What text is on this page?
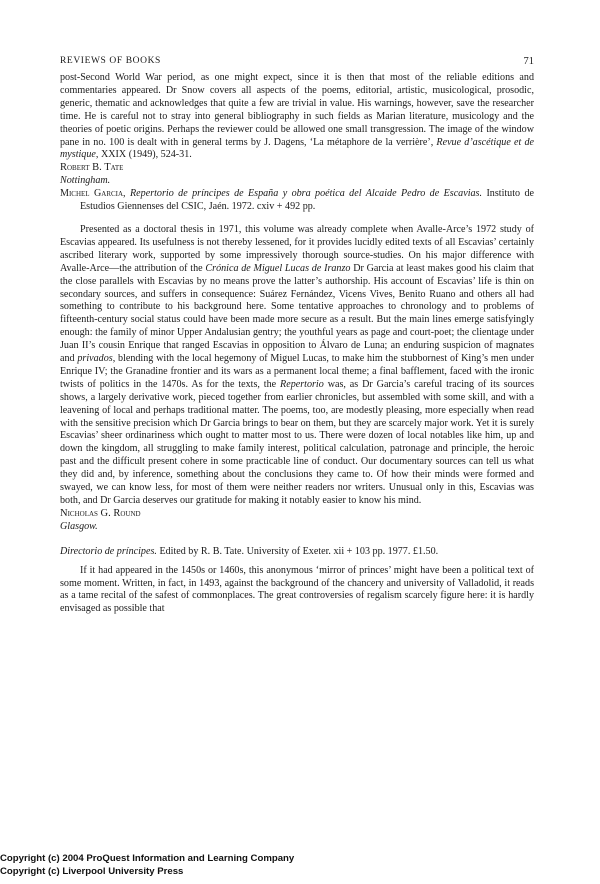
REVIEWS OF BOOKS	71

post-Second World War period, as one might expect, since it is then that most of the reliable editions and commentaries appeared. Dr Snow covers all aspects of the poems, editorial, artistic, musicological, prosodic, generic, thematic and acknowledges that quite a few are trivial in value. His warnings, however, save the researcher time. He is careful not to stray into general bibliography in such fields as Marian literature, musicology and the theories of poetic origins. Perhaps the reviewer could be allowed one small transgression. The image of the window pane in no. 100 is dealt with in general terms by J. Dagens, ‘La métaphore de la verrière’, Revue d’ascétique et de mystique, XXIX (1949), 524-31.

Robert B. Tate

Nottingham.

Michel Garcia, Repertorio de príncipes de España y obra poética del Alcaide Pedro de Escavias. Instituto de Estudios Giennenses del CSIC, Jaén. 1972. cxiv + 492 pp.

Presented as a doctoral thesis in 1971, this volume was already complete when Avalle-Arce’s 1972 study of Escavias appeared. Its usefulness is not thereby lessened, for it provides lucidly edited texts of all Escavias’ certainly ascribed literary work, supported by some impressively thorough source-studies. On his major difference with Avalle-Arce—the attribution of the Crónica de Miguel Lucas de Iranzo Dr Garcia at least makes good his claim that the close parallels with Escavias by no means prove the latter’s authorship. His account of Escavias’ life is thin on secondary sources, and suffers in consequence: Suárez Fernández, Vicens Vives, Benito Ruano and others all had something to contribute to his background here. Some tentative approaches to chronology and to problems of fifteenth-century social status could have been made more secure as a result. But the main lines emerge satisfyingly enough: the family of minor Upper Andalusian gentry; the youthful years as page and court-poet; the clientage under Juan II’s cousin Enrique that ranged Escavias in opposition to Álvaro de Luna; an enduring suspicion of magnates and privados, blending with the local hegemony of Miguel Lucas, to make him the stubbornest of King’s men under Enrique IV; the Granadine frontier and its wars as a permanent local theme; a final bafflement, faced with the ironic twists of politics in the 1470s. As for the texts, the Repertorio was, as Dr Garcia’s careful tracing of its sources shows, a largely derivative work, pieced together from earlier chronicles, but assembled with some skill, and with a leavening of local and perhaps traditional matter. The poems, too, are modestly pleasing, more especially when read with the sensitive precision which Dr Garcia brings to bear on them, but they are scarcely major work. Yet it is surely Escavias’ sheer ordinariness which ought to matter most to us. There were dozen of local notables like him, up and down the kingdom, all struggling to make family interest, political calculation, patronage and principle, the heroic past and the difficult present cohere in some practicable line of conduct. Our documentary sources can tell us what they did and, by inference, something about the conclusions they came to. Of how their minds were formed and swayed, we can know less, for most of them were neither readers nor writers. Unusual only in this, Escavias was both, and Dr Garcia deserves our gratitude for making it notably easier to know his mind.

Nicholas G. Round

Glasgow.

Directorio de príncipes. Edited by R. B. Tate. University of Exeter. xii + 103 pp. 1977. £1.50.

If it had appeared in the 1450s or 1460s, this anonymous ‘mirror of princes’ might have been a political text of some moment. Written, in fact, in 1493, against the background of the chancery and university of Valladolid, it reads as a tame recital of the safest of commonplaces. The great controversies of regalism scarcely figure here: it is hardly envisaged as possible that

Copyright (c) 2004 ProQuest Information and Learning Company
Copyright (c) Liverpool University Press
